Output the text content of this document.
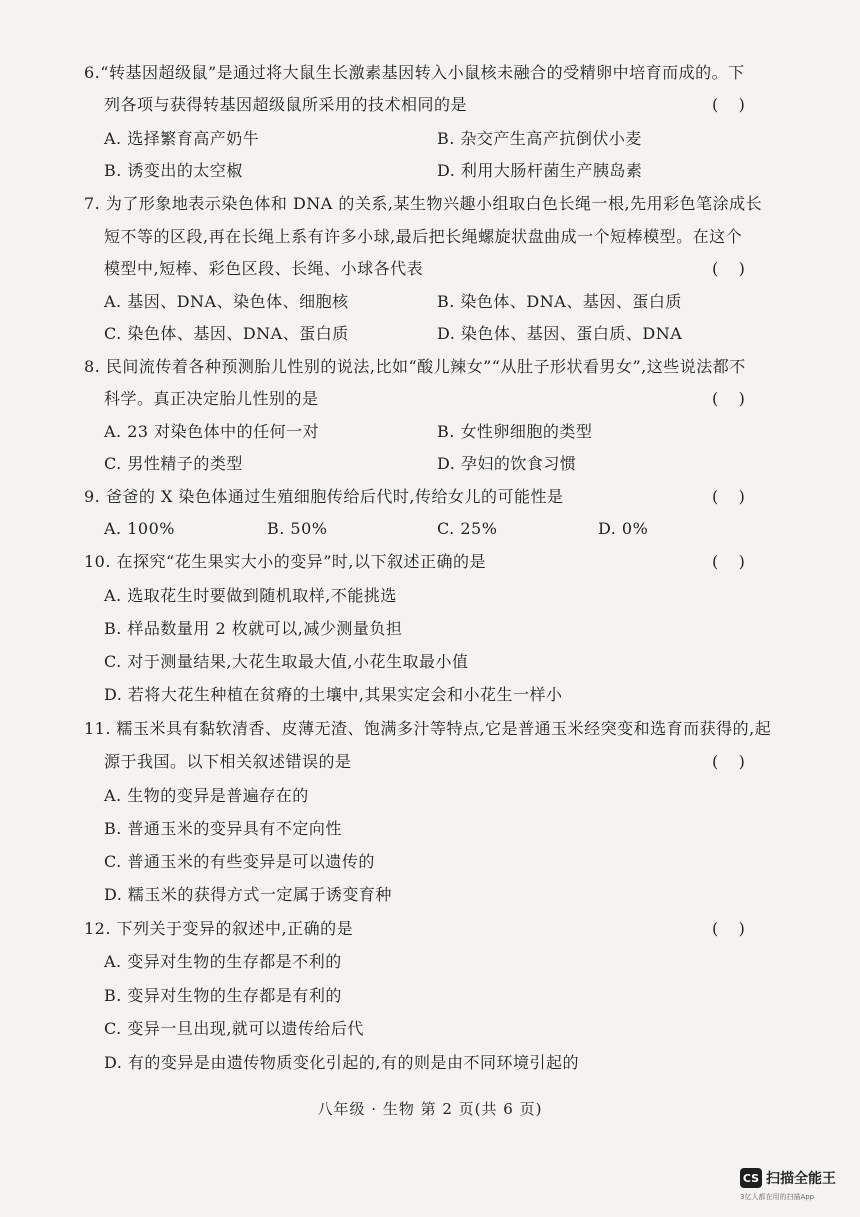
6.“转基因超级鼠”是通过将大鼠生长激素基因转入小鼠核未融合的受精卵中培育而成的。下
列各项与获得转基因超级鼠所采用的技术相同的是	(    )
A. 选择繁育高产奶牛	B. 杂交产生高产抗倒伏小麦
B. 诱变出的太空椒	D. 利用大肠杆菌生产胰岛素
7. 为了形象地表示染色体和 DNA 的关系,某生物兴趣小组取白色长绳一根,先用彩色笔涂成长
短不等的区段,再在长绳上系有许多小球,最后把长绳螺旋状盘曲成一个短棒模型。在这个
模型中,短棒、彩色区段、长绳、小球各代表	(    )
A. 基因、DNA、染色体、细胞核	B. 染色体、DNA、基因、蛋白质
C. 染色体、基因、DNA、蛋白质	D. 染色体、基因、蛋白质、DNA
8. 民间流传着各种预测胎儿性别的说法,比如“酸儿辣女”“从肚子形状看男女”,这些说法都不
科学。真正决定胎儿性别的是	(    )
A. 23 对染色体中的任何一对	B. 女性卵细胞的类型
C. 男性精子的类型	D. 孕妇的饮食习惯
9. 爸爸的 X 染色体通过生殖细胞传给后代时,传给女儿的可能性是	(    )
A. 100%	B. 50%	C. 25%	D. 0%
10. 在探究“花生果实大小的变异”时,以下叙述正确的是	(    )
A. 选取花生时要做到随机取样,不能挑选
B. 样品数量用 2 枚就可以,减少测量负担
C. 对于测量结果,大花生取最大值,小花生取最小值
D. 若将大花生种植在贫瘠的土壤中,其果实定会和小花生一样小
11. 糯玉米具有黏软清香、皮薄无渣、饱满多汁等特点,它是普通玉米经突变和选育而获得的,起
源于我国。以下相关叙述错误的是	(    )
A. 生物的变异是普遍存在的
B. 普通玉米的变异具有不定向性
C. 普通玉米的有些变异是可以遗传的
D. 糯玉米的获得方式一定属于诱变育种
12. 下列关于变异的叙述中,正确的是	(    )
A. 变异对生物的生存都是不利的
B. 变异对生物的生存都是有利的
C. 变异一旦出现,就可以遗传给后代
D. 有的变异是由遗传物质变化引起的,有的则是由不同环境引起的
八年级 · 生物 第 2 页(共 6 页)
CS 扫描全能王
3亿人都在用的扫描App
